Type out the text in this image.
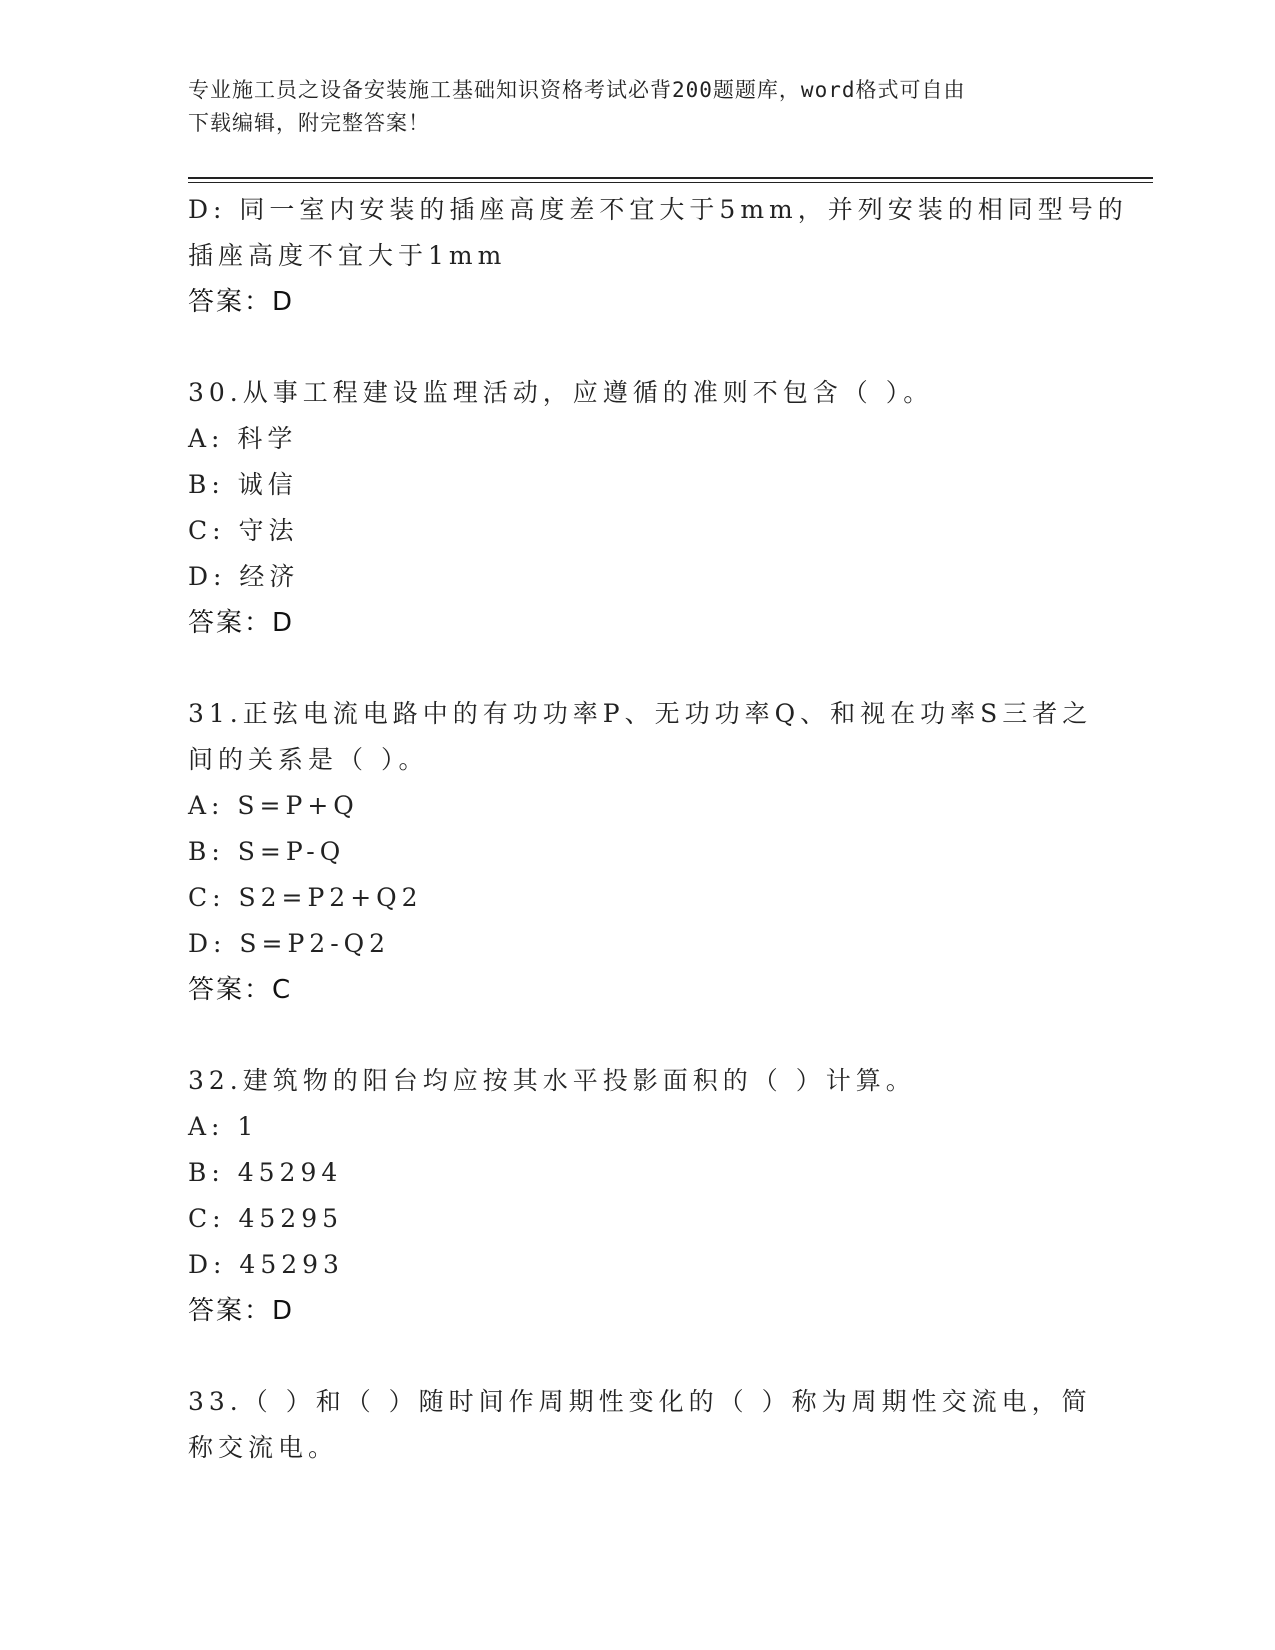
专业施工员之设备安装施工基础知识资格考试必背200题题库，word格式可自由
下载编辑，附完整答案！
D: 同一室内安装的插座高度差不宜大于5mm，并列安装的相同型号的
插座高度不宜大于1mm
答案：D
30.从事工程建设监理活动，应遵循的准则不包含（ ）。
A: 科学
B: 诚信
C: 守法
D: 经济
答案：D
31.正弦电流电路中的有功功率P、无功功率Q、和视在功率S三者之
间的关系是（ ）。
A: S=P+Q
B: S=P-Q
C: S2=P2+Q2
D: S=P2-Q2
答案：C
32.建筑物的阳台均应按其水平投影面积的（ ）计算。
A: 1
B: 45294
C: 45295
D: 45293
答案：D
33.（ ）和（ ）随时间作周期性变化的（ ）称为周期性交流电，简
称交流电。
